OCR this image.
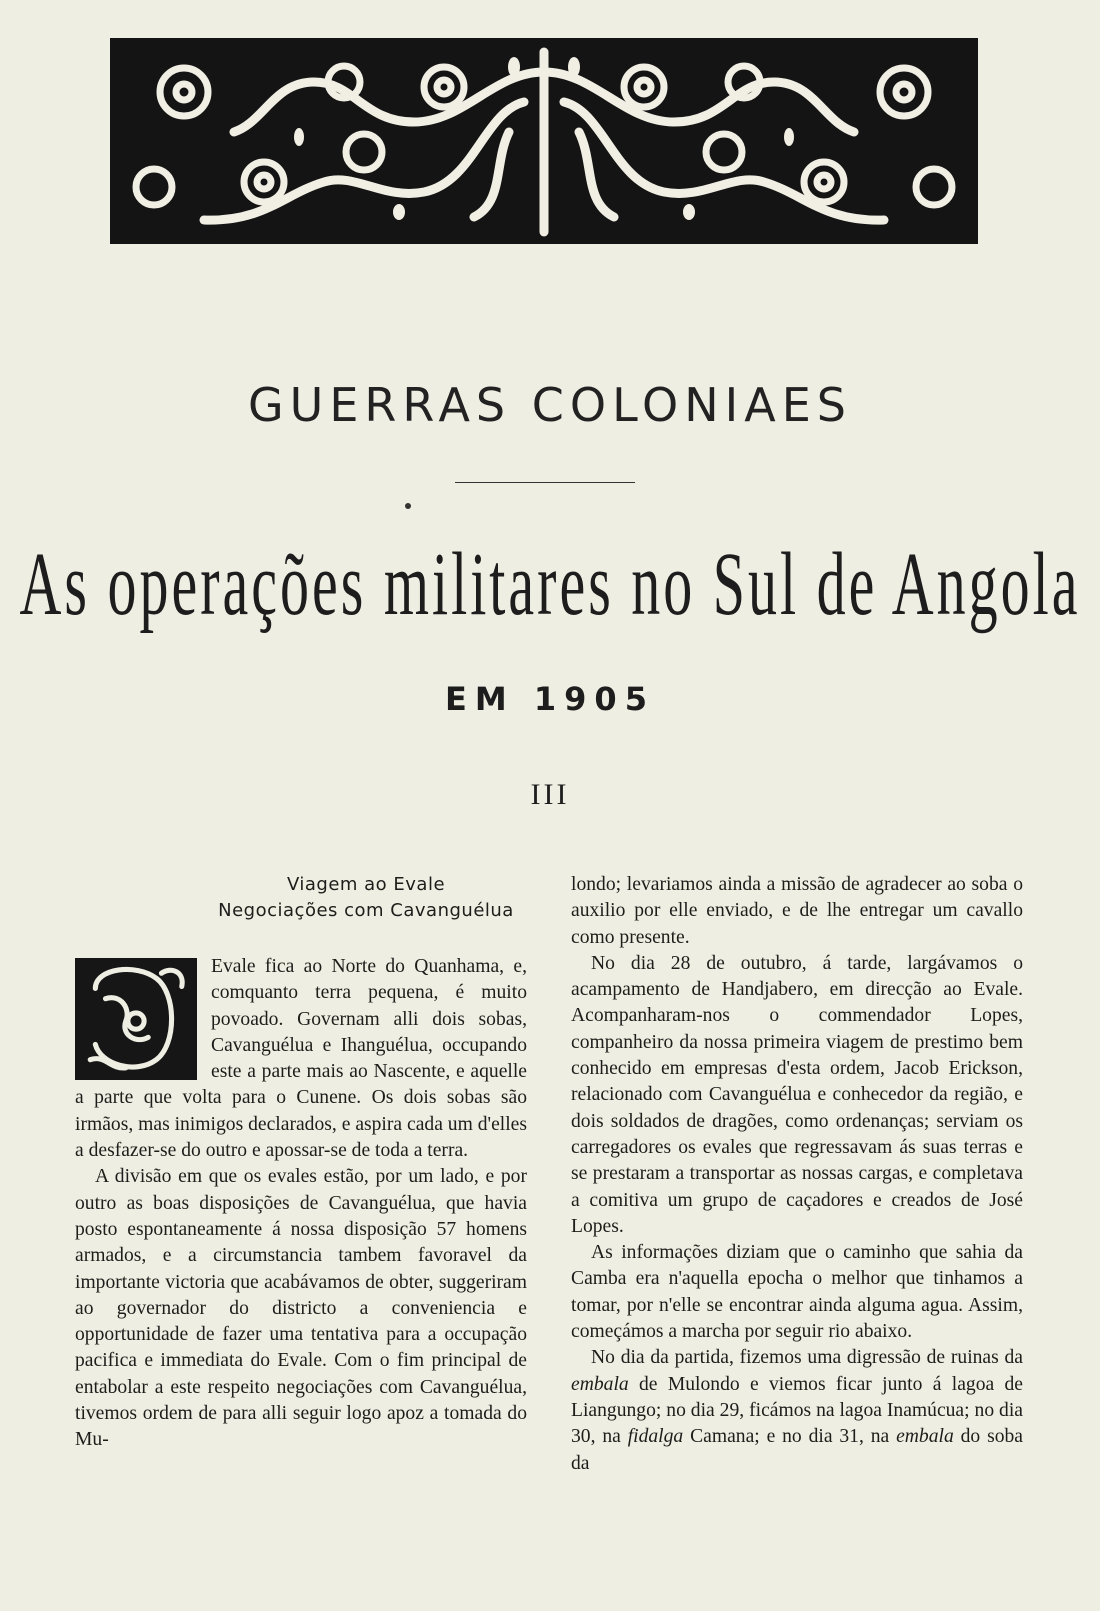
GUERRAS COLONIAES
As operações militares no Sul de Angola
EM 1905
III
Viagem ao Evale
Negociações com Cavanguélua

Evale fica ao Norte do Quanhama, e, comquanto terra pequena, é muito povoado. Governam alli dois sobas, Cavanguélua e Ihanguélua, occupando este a parte mais ao Nascente, e aquelle a parte que volta para o Cunene. Os dois sobas são irmãos, mas inimigos declarados, e aspira cada um d'elles a desfazer-se do outro e apossar-se de toda a terra.

A divisão em que os evales estão, por um lado, e por outro as boas disposições de Cavanguélua, que havia posto espontaneamente á nossa disposição 57 homens armados, e a circumstancia tambem favoravel da importante victoria que acabávamos de obter, suggeriram ao governador do districto a conveniencia e opportunidade de fazer uma tentativa para a occupação pacifica e immediata do Evale. Com o fim principal de entabolar a este respeito negociações com Cavanguélua, tivemos ordem de para alli seguir logo apoz a tomada do Mu-

londo; levariamos ainda a missão de agradecer ao soba o auxilio por elle enviado, e de lhe entregar um cavallo como presente.

No dia 28 de outubro, á tarde, largávamos o acampamento de Handjabero, em direcção ao Evale. Acompanharam-nos o commendador Lopes, companheiro da nossa primeira viagem de prestimo bem conhecido em empresas d'esta ordem, Jacob Erickson, relacionado com Cavanguélua e conhecedor da região, e dois soldados de dragões, como ordenanças; serviam os carregadores os evales que regressavam ás suas terras e se prestaram a transportar as nossas cargas, e completava a comitiva um grupo de caçadores e creados de José Lopes.

As informações diziam que o caminho que sahia da Camba era n'aquella epocha o melhor que tinhamos a tomar, por n'elle se encontrar ainda alguma agua. Assim, começámos a marcha por seguir rio abaixo.

No dia da partida, fizemos uma digressão de ruinas da embala de Mulondo e viemos ficar junto á lagoa de Liangungo; no dia 29, ficámos na lagoa Inamúcua; no dia 30, na fidalga Camana; e no dia 31, na embala do soba da
